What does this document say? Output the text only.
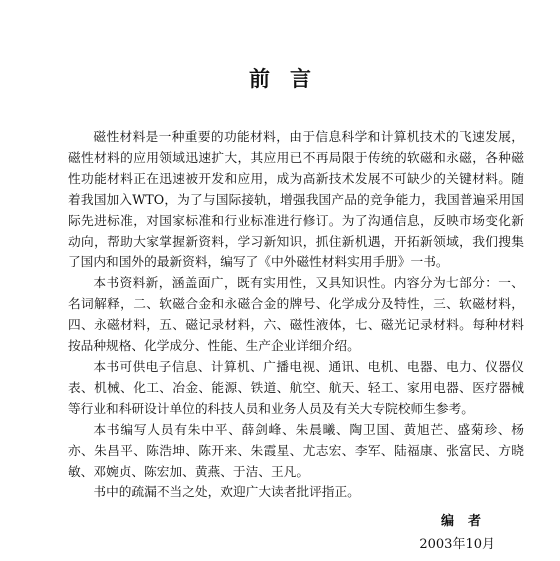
前言

磁性材料是一种重要的功能材料，由于信息科学和计算机技术的飞速发展，磁性材料的应用领域迅速扩大，其应用已不再局限于传统的软磁和永磁，各种磁性功能材料正在迅速被开发和应用，成为高新技术发展不可缺少的关键材料。随着我国加入WTO，为了与国际接轨，增强我国产品的竞争能力，我国普遍采用国际先进标准，对国家标准和行业标准进行修订。为了沟通信息，反映市场变化新动向，帮助大家掌握新资料，学习新知识，抓住新机遇，开拓新领域，我们搜集了国内和国外的最新资料，编写了《中外磁性材料实用手册》一书。

本书资料新，涵盖面广，既有实用性，又具知识性。内容分为七部分：一、名词解释，二、软磁合金和永磁合金的牌号、化学成分及特性，三、软磁材料，四、永磁材料，五、磁记录材料，六、磁性液体，七、磁光记录材料。每种材料按品种规格、化学成分、性能、生产企业详细介绍。

本书可供电子信息、计算机、广播电视、通讯、电机、电器、电力、仪器仪表、机械、化工、冶金、能源、铁道、航空、航天、轻工、家用电器、医疗器械等行业和科研设计单位的科技人员和业务人员及有关大专院校师生参考。

本书编写人员有朱中平、薛剑峰、朱晨曦、陶卫国、黄旭芒、盛菊珍、杨亦、朱昌平、陈浩坤、陈开来、朱霞星、尤志宏、李军、陆福康、张富民、方晓敏、邓婉贞、陈宏加、黄燕、于洁、王凡。

书中的疏漏不当之处，欢迎广大读者批评指正。

编者
2003年10月
